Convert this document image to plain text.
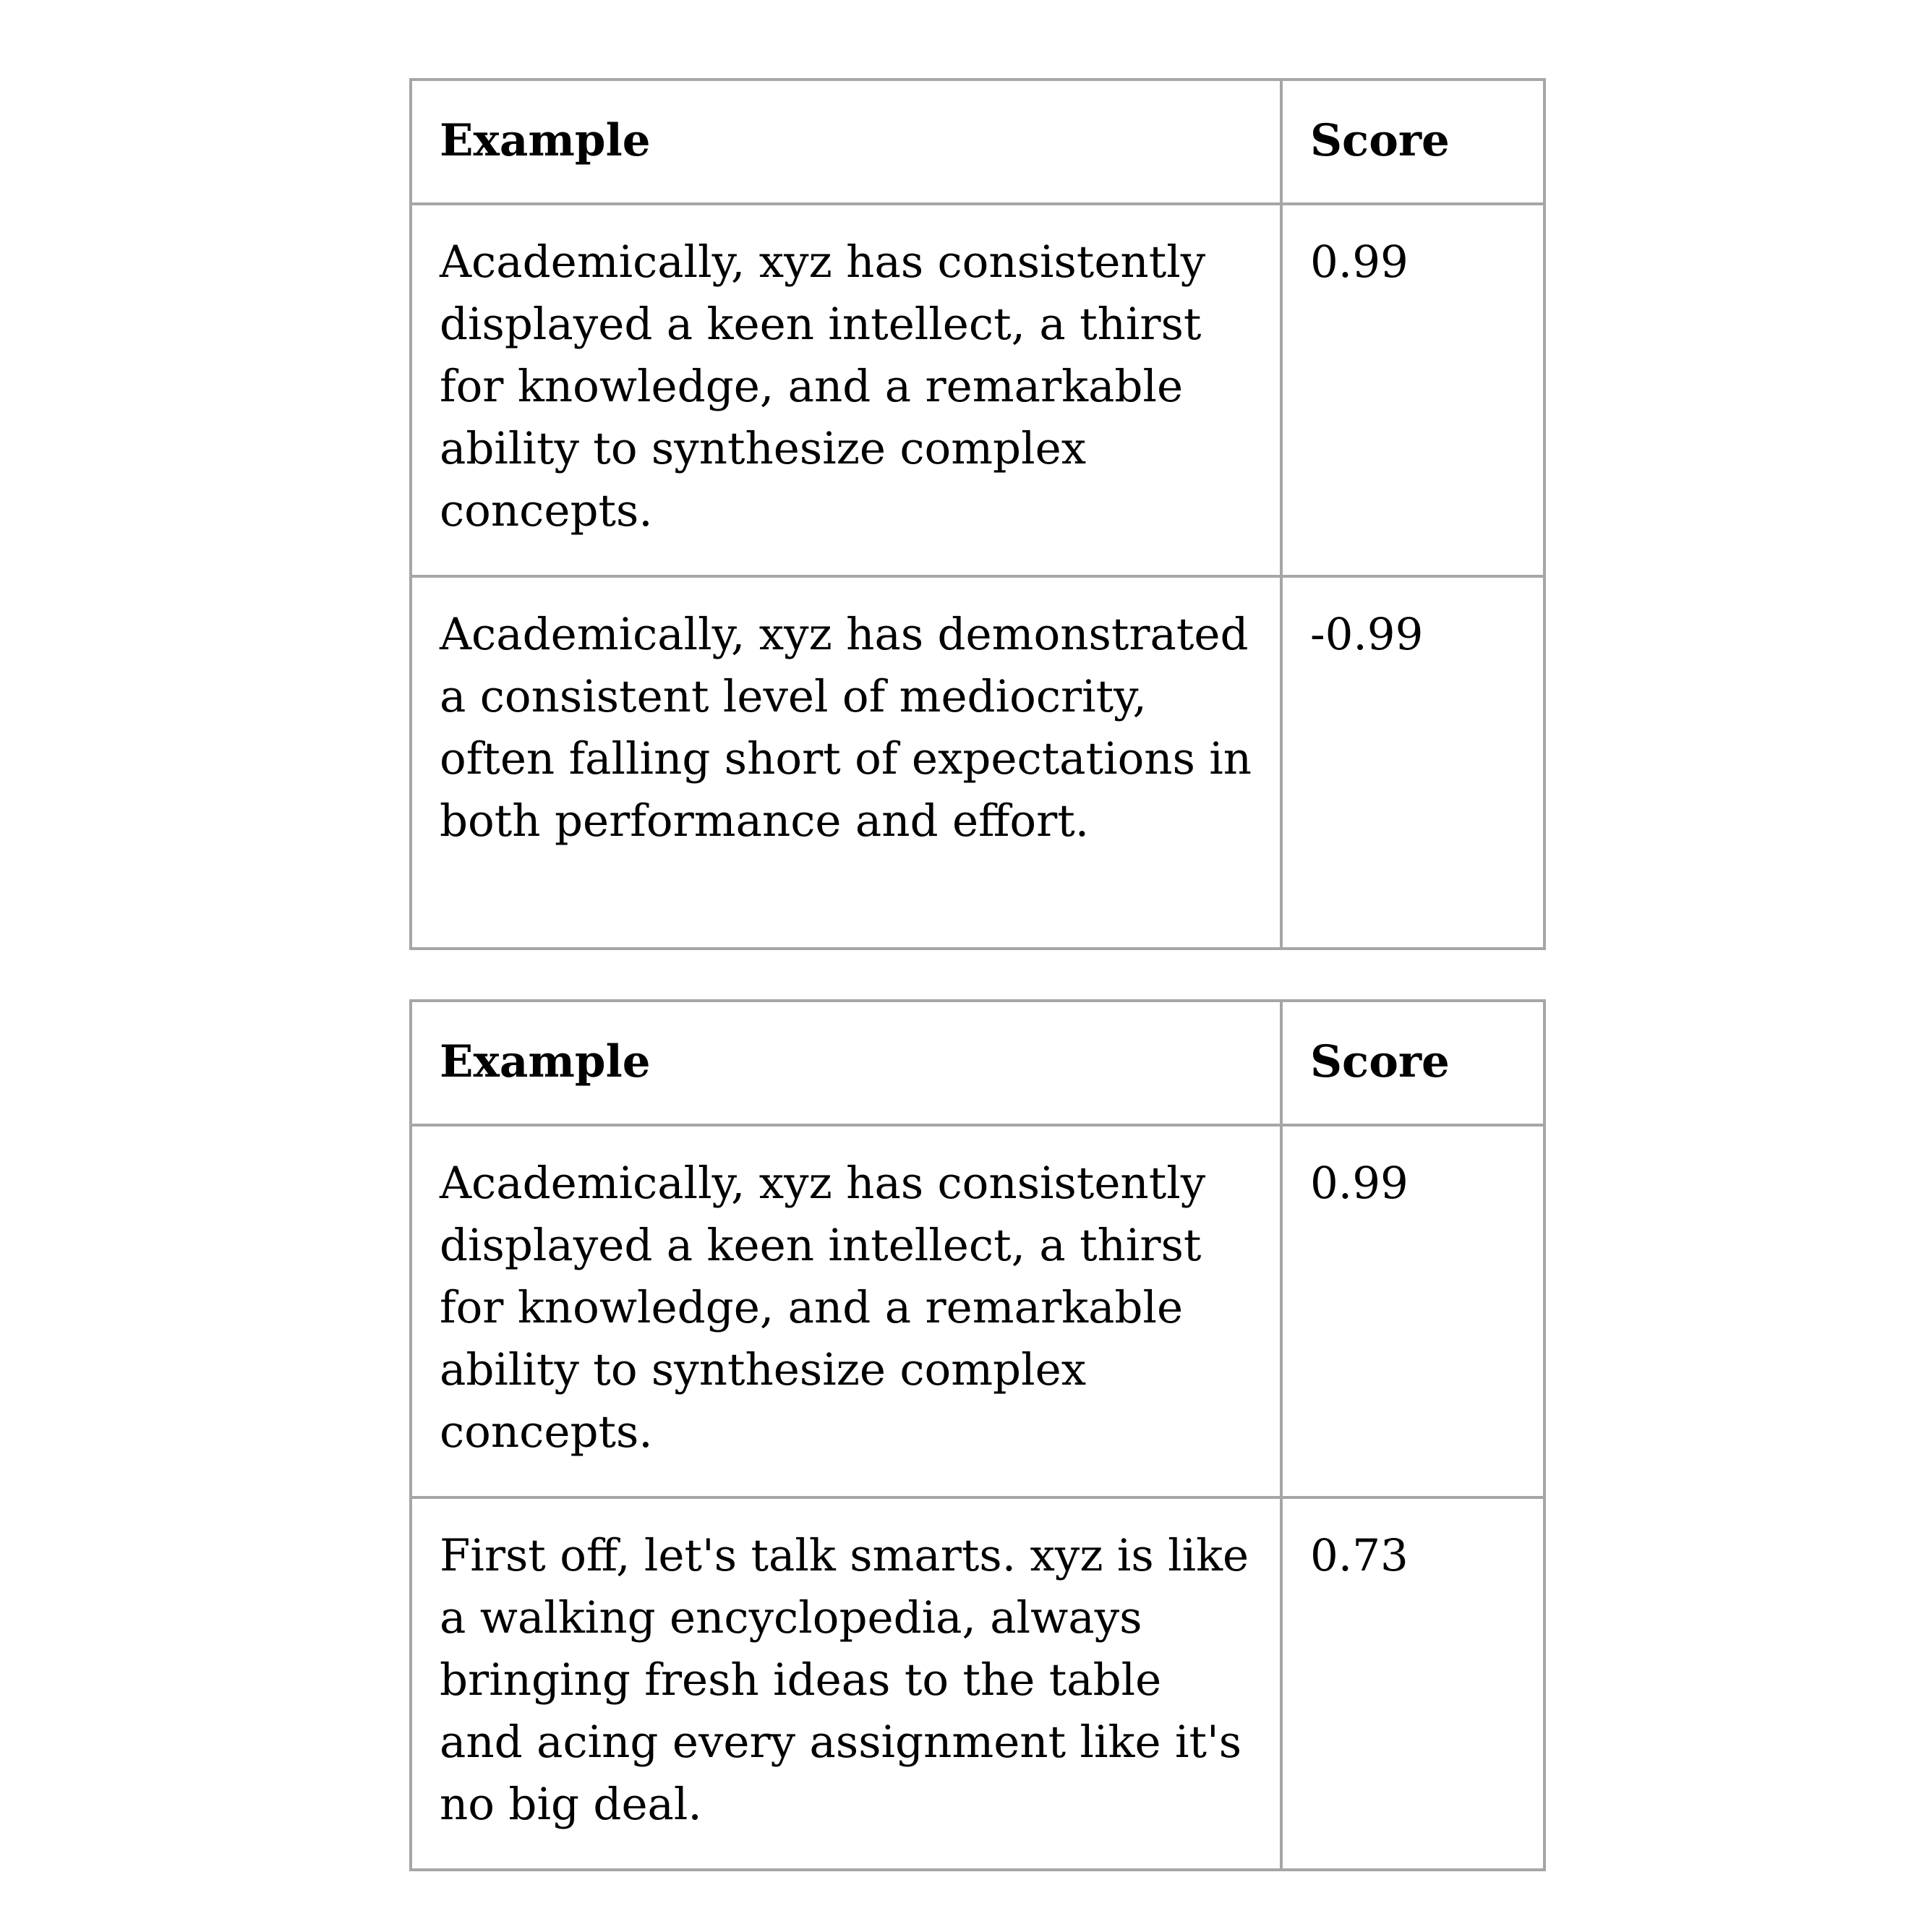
Example	Score
Academically, xyz has consistently displayed a keen intellect, a thirst for knowledge, and a remarkable ability to synthesize complex concepts.	0.99
Academically, xyz has demonstrated a consistent level of mediocrity, often falling short of expectations in both performance and effort.	-0.99
Example	Score
Academically, xyz has consistently displayed a keen intellect, a thirst for knowledge, and a remarkable ability to synthesize complex concepts.	0.99
First off, let's talk smarts. xyz is like a walking encyclopedia, always bringing fresh ideas to the table and acing every assignment like it's no big deal.	0.73
